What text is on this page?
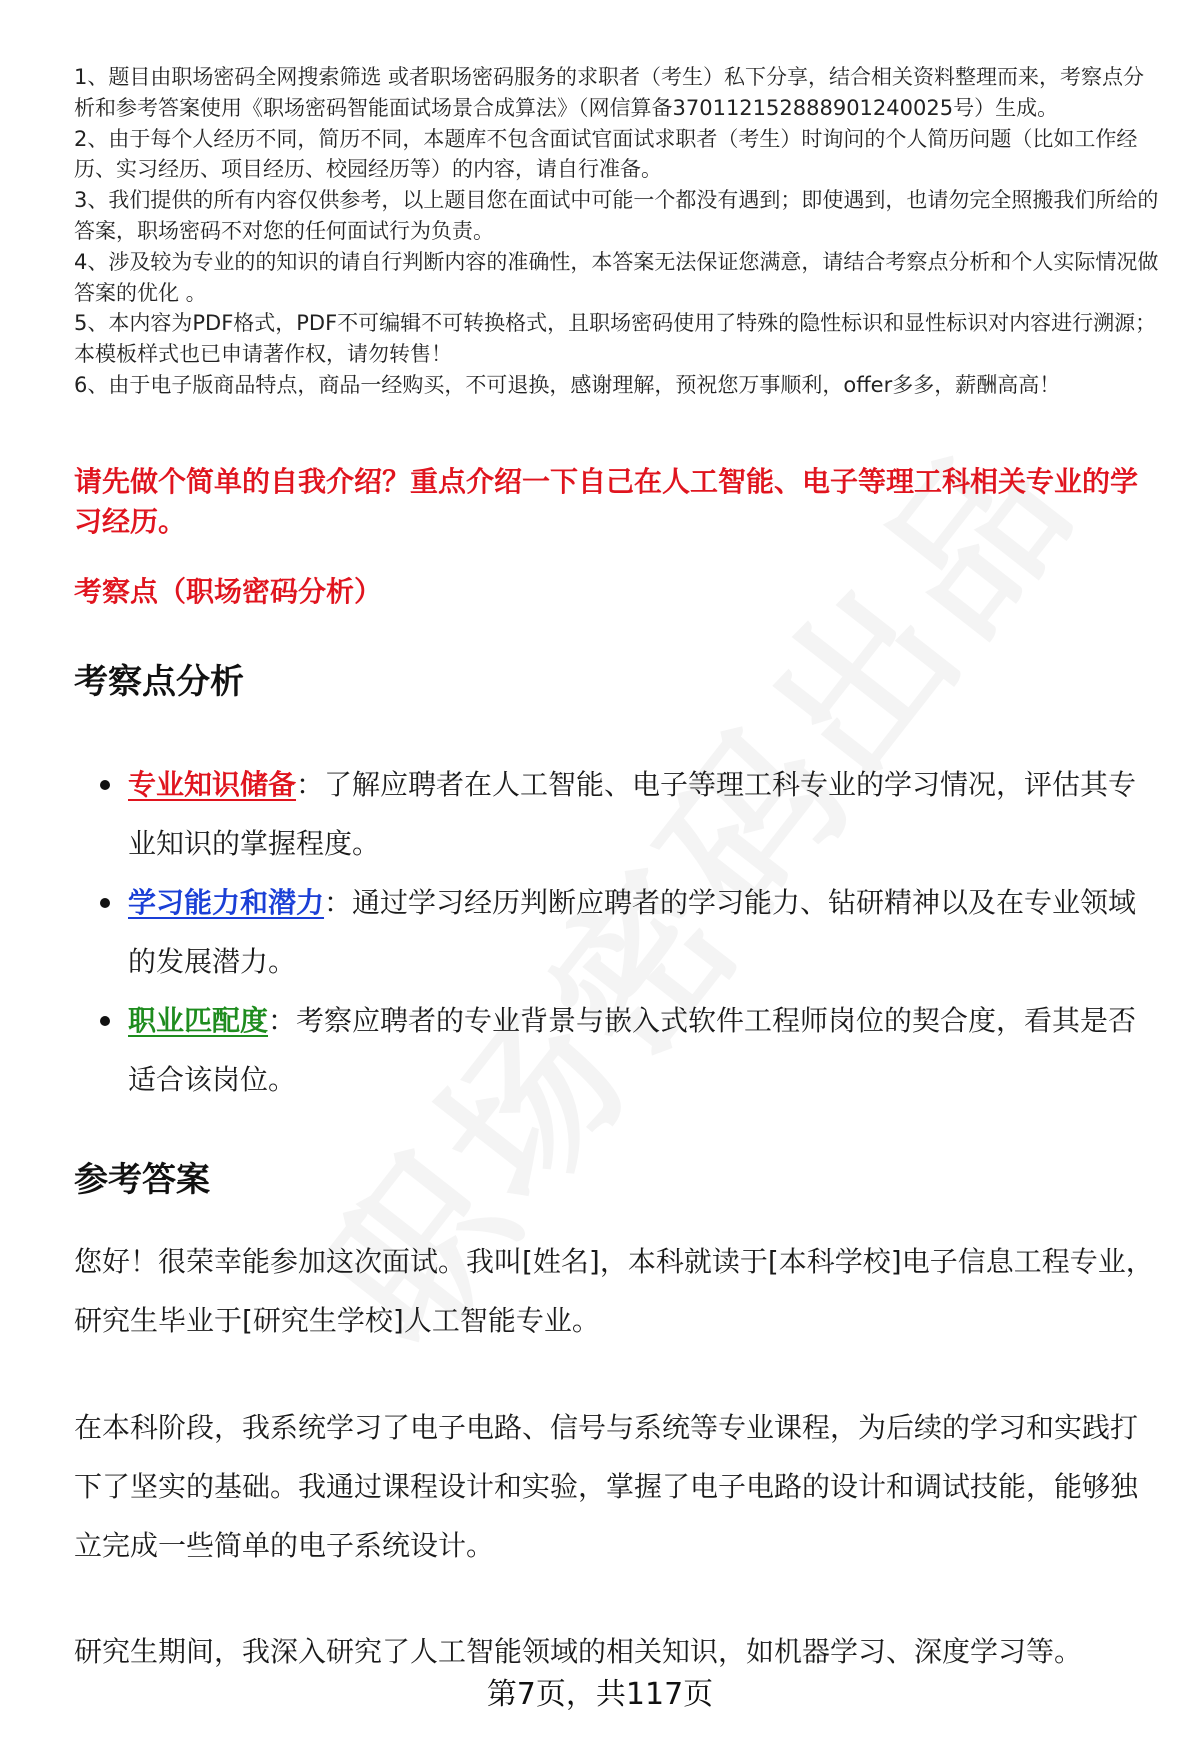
1、题目由职场密码全网搜索筛选 或者职场密码服务的求职者（考生）私下分享，结合相关资料整理而来，考察点分析和参考答案使用《职场密码智能面试场景合成算法》（网信算备370112152888901240025号）生成。

2、由于每个人经历不同，简历不同，本题库不包含面试官面试求职者（考生）时询问的个人简历问题（比如工作经历、实习经历、项目经历、校园经历等）的内容，请自行准备。

3、我们提供的所有内容仅供参考，以上题目您在面试中可能一个都没有遇到；即使遇到，也请勿完全照搬我们所给的答案，职场密码不对您的任何面试行为负责。

4、涉及较为专业的的知识的请自行判断内容的准确性，本答案无法保证您满意，请结合考察点分析和个人实际情况做答案的优化 。

5、本内容为PDF格式，PDF不可编辑不可转换格式，且职场密码使用了特殊的隐性标识和显性标识对内容进行溯源；本模板样式也已申请著作权，请勿转售！

6、由于电子版商品特点，商品一经购买，不可退换，感谢理解，预祝您万事顺利，offer多多，薪酬高高！

请先做个简单的自我介绍？重点介绍一下自己在人工智能、电子等理工科相关专业的学习经历。

考察点（职场密码分析）

考察点分析
专业知识储备：了解应聘者在人工智能、电子等理工科专业的学习情况，评估其专业知识的掌握程度。
学习能力和潜力：通过学习经历判断应聘者的学习能力、钻研精神以及在专业领域的发展潜力。
职业匹配度：考察应聘者的专业背景与嵌入式软件工程师岗位的契合度，看其是否适合该岗位。
参考答案

您好！很荣幸能参加这次面试。我叫[姓名]，本科就读于[本科学校]电子信息工程专业，研究生毕业于[研究生学校]人工智能专业。

在本科阶段，我系统学习了电子电路、信号与系统等专业课程，为后续的学习和实践打下了坚实的基础。我通过课程设计和实验，掌握了电子电路的设计和调试技能，能够独立完成一些简单的电子系统设计。

研究生期间，我深入研究了人工智能领域的相关知识，如机器学习、深度学习等。

第7页，共117页
